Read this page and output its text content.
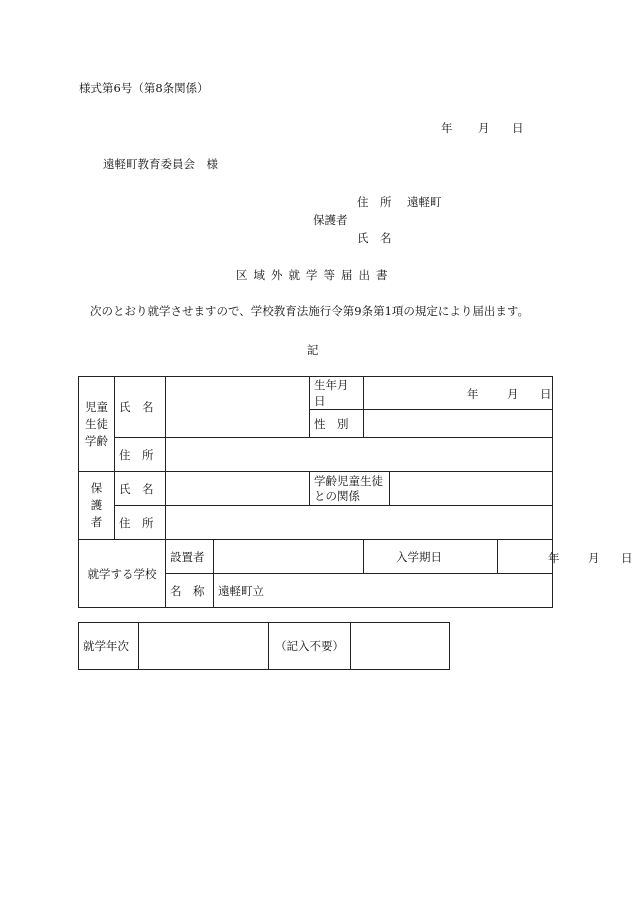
様式第6号（第8条関係）
年 月 日
遠軽町教育委員会　様
住　所 遠軽町
保護者
氏　名
区域外就学等届出書
次のとおり就学させますので、学校教育法施行令第9条第1項の規定により届出ます。
記
児童生徒学齢	氏　名			生年月日	年 月 日		

				性　別			
	住　所						
保護者	氏　名			学齢児童生徒
との関係			

	住　所						
就学する学校		設置者			入学期日		年 月 日

		名　称	遠軽町立				
就学年次		（記入不要）	
